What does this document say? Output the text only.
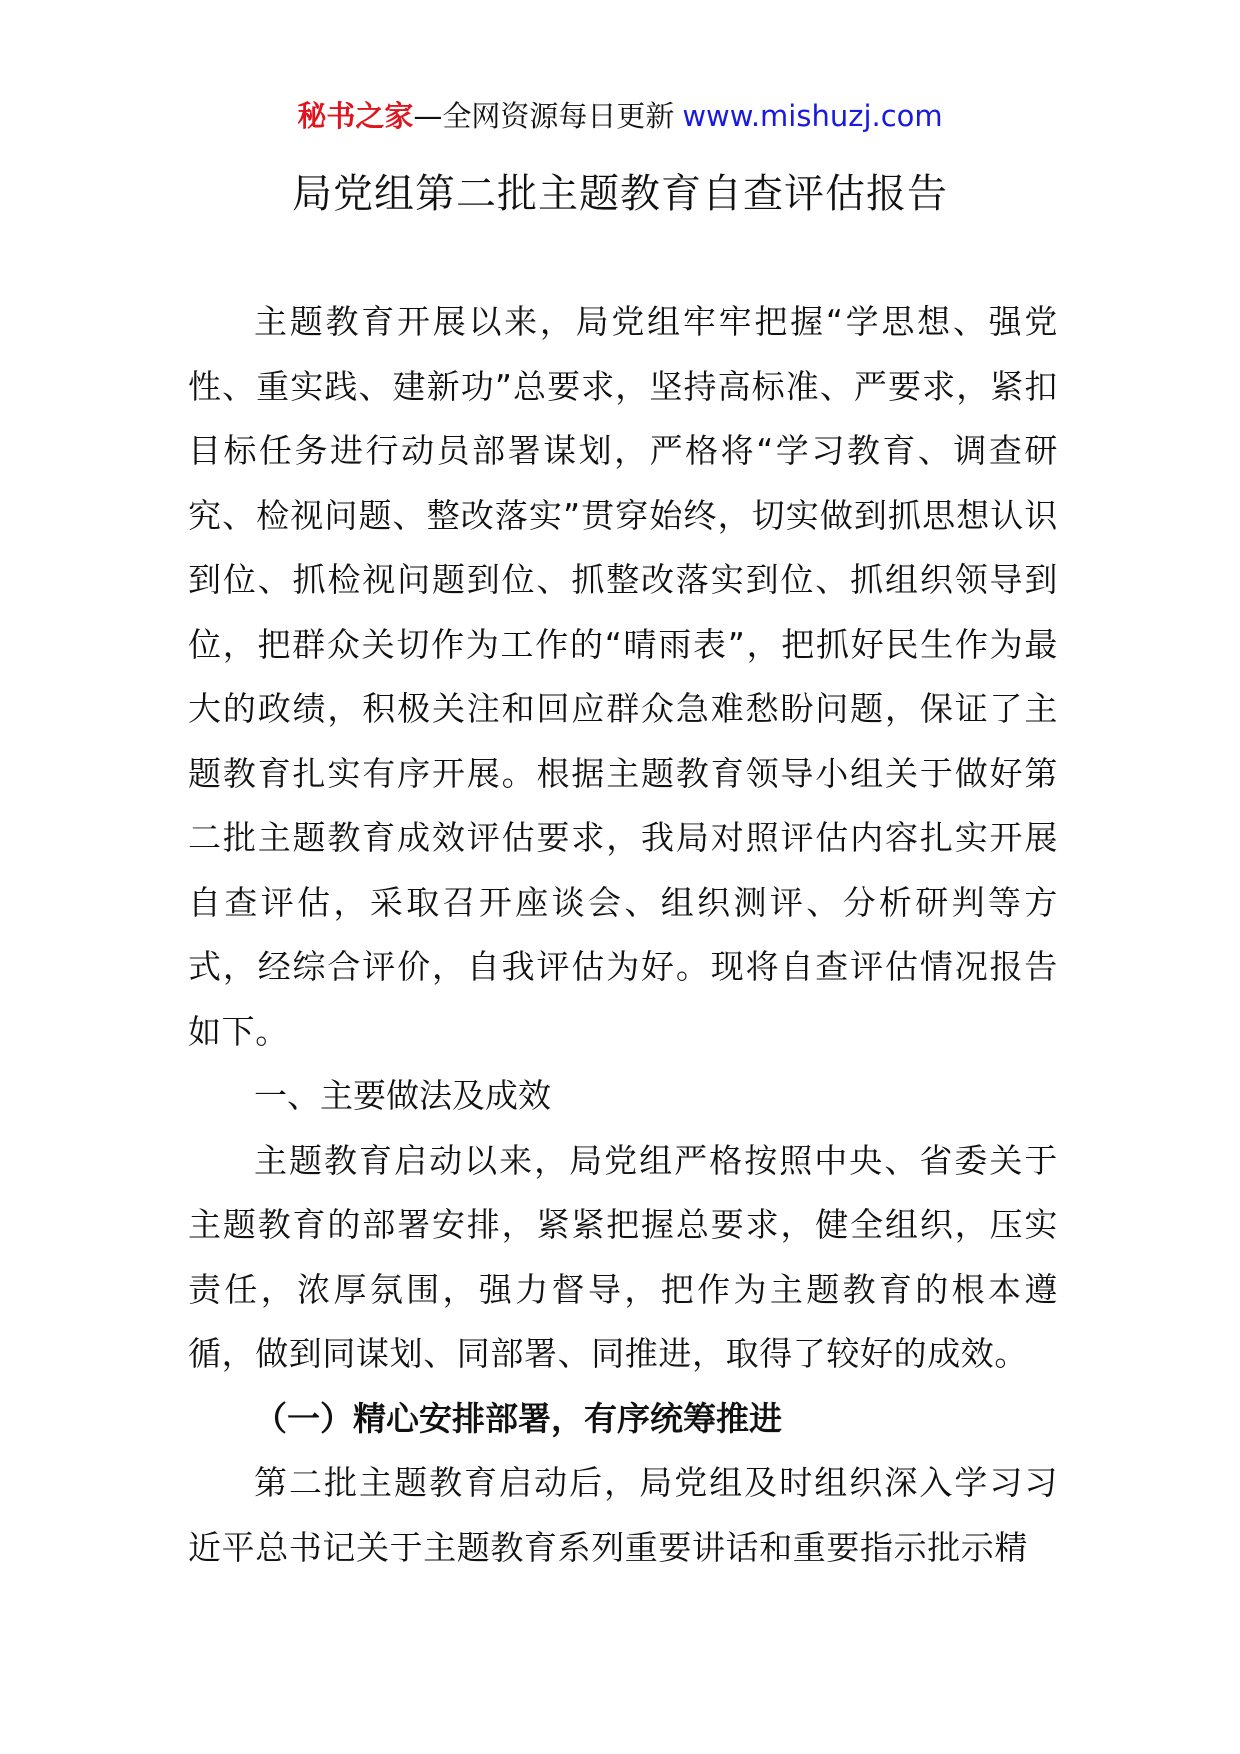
秘书之家—全网资源每日更新 www.mishuzj.com
局党组第二批主题教育自查评估报告

主题教育开展以来，局党组牢牢把握“学思想、强党性、重实践、建新功”总要求，坚持高标准、严要求，紧扣目标任务进行动员部署谋划，严格将“学习教育、调查研究、检视问题、整改落实”贯穿始终，切实做到抓思想认识到位、抓检视问题到位、抓整改落实到位、抓组织领导到位，把群众关切作为工作的“晴雨表”，把抓好民生作为最大的政绩，积极关注和回应群众急难愁盼问题，保证了主题教育扎实有序开展。根据主题教育领导小组关于做好第二批主题教育成效评估要求，我局对照评估内容扎实开展自查评估，采取召开座谈会、组织测评、分析研判等方式，经综合评价，自我评估为好。现将自查评估情况报告如下。

一、主要做法及成效

主题教育启动以来，局党组严格按照中央、省委关于主题教育的部署安排，紧紧把握总要求，健全组织，压实责任，浓厚氛围，强力督导，把作为主题教育的根本遵循，做到同谋划、同部署、同推进，取得了较好的成效。

（一）精心安排部署，有序统筹推进

第二批主题教育启动后，局党组及时组织深入学习习近平总书记关于主题教育系列重要讲话和重要指示批示精
